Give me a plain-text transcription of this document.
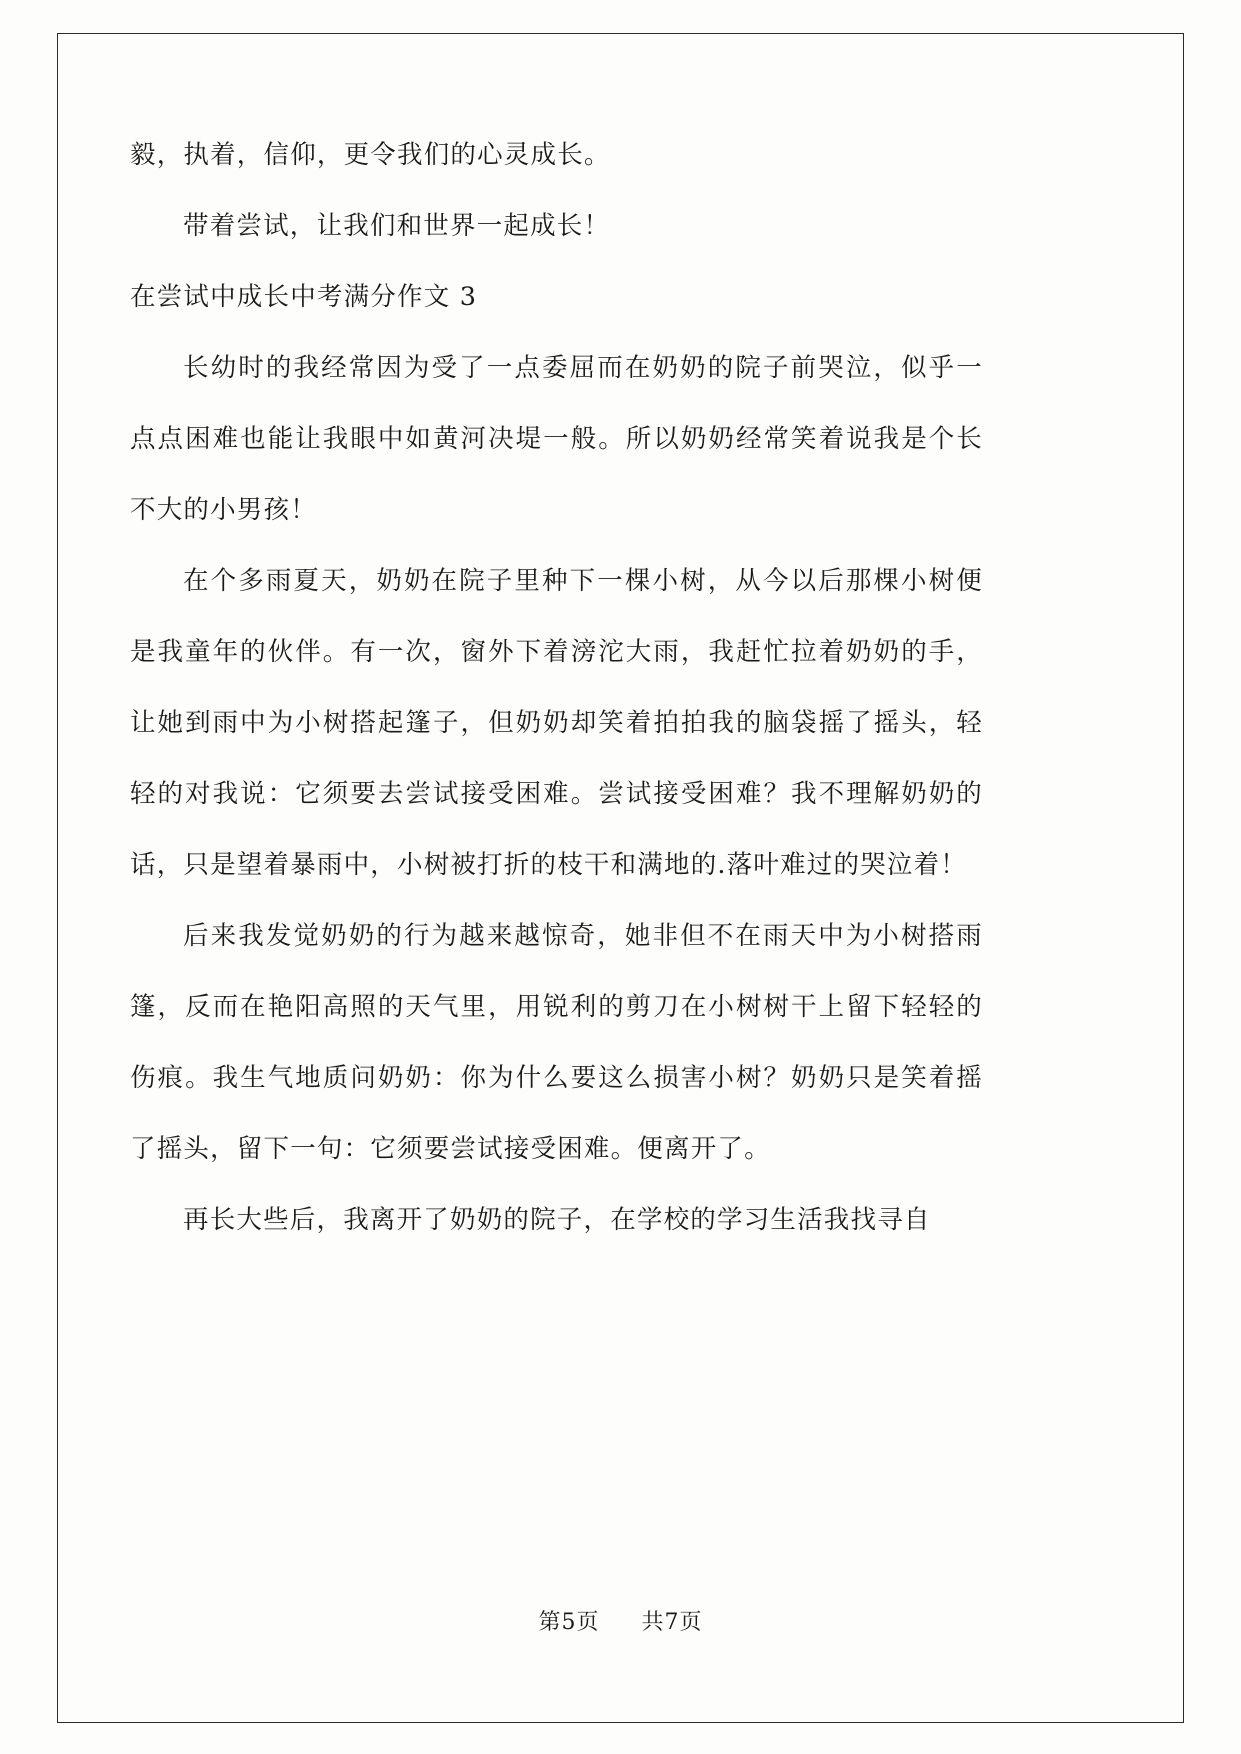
毅，执着，信仰，更令我们的心灵成长。

带着尝试，让我们和世界一起成长！

在尝试中成长中考满分作文 3

长幼时的我经常因为受了一点委屈而在奶奶的院子前哭泣，似乎一点点困难也能让我眼中如黄河决堤一般。所以奶奶经常笑着说我是个长不大的小男孩！

在个多雨夏天，奶奶在院子里种下一棵小树，从今以后那棵小树便是我童年的伙伴。有一次，窗外下着滂沱大雨，我赶忙拉着奶奶的手，让她到雨中为小树搭起篷子，但奶奶却笑着拍拍我的脑袋摇了摇头，轻轻的对我说：它须要去尝试接受困难。尝试接受困难？我不理解奶奶的话，只是望着暴雨中，小树被打折的枝干和满地的.落叶难过的哭泣着！

后来我发觉奶奶的行为越来越惊奇，她非但不在雨天中为小树搭雨篷，反而在艳阳高照的天气里，用锐利的剪刀在小树树干上留下轻轻的伤痕。我生气地质问奶奶：你为什么要这么损害小树？奶奶只是笑着摇了摇头，留下一句：它须要尝试接受困难。便离开了。

再长大些后，我离开了奶奶的院子，在学校的学习生活我找寻自

第5页 共7页
